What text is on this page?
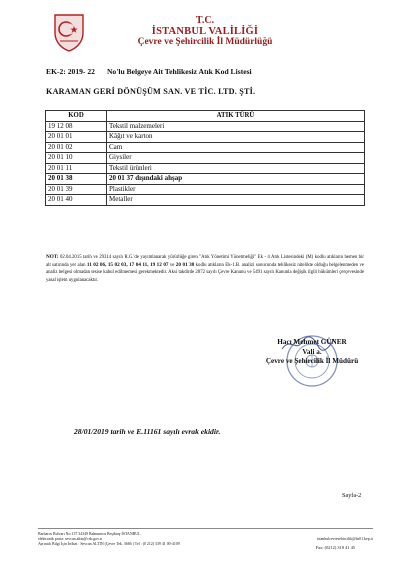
T.C.
İSTANBUL VALİLİĞİ
Çevre ve Şehircilik İl Müdürlüğü
EK-2: 2019- 22 No'lu Belgeye Ait Tehlikesiz Atık Kod Listesi
KARAMAN GERİ DÖNÜŞÜM SAN. VE TİC. LTD. ŞTİ.
KOD	ATIK TÜRÜ
19 12 08	Tekstil malzemeleri
20 01 01	Kâğıt ve karton
20 01 02	Cam
20 01 10	Giysiler
20 01 11	Tekstil ürünleri
20 01 38	20 01 37 dışındaki ahşap
20 01 39	Plastikler
20 01 40	Metaller
NOT: 02.04.2015 tarih ve 29314 sayılı R.G.'de yayımlanarak yürürlüğe giren "Atık Yönetimi Yönetmeliği" Ek - 4 Atık Listesindeki (M) kodlu atıkların hemen bir alt satırında yer alan 11 02 06, 15 02 03, 17 04 11, 19 12 07 ve 20 01 38 kodlu atıkların Ek-1.B. analizi sonucunda tehlikesiz nitelikte olduğu belgelenmeden ve analiz belgesi olmadan tesise kabul edilmemesi gerekmektedir. Aksi takdirde 2872 sayılı Çevre Kanunu ve 5491 sayılı Kanunla değişik ilgili hükümleri çerçevesinde yasal işlem uygulanacaktır.
Hacı Mehmet GÜNER
Vali a.
Çevre ve Şehircilik İl Müdürü
28/01/2019 tarih ve E.11161 sayılı evrak ekidir.
Sayfa-2
Barbaros Bulvarı No:137 34349 Balmumcu Beşiktaş-İSTANBUL
elektronik posta: sevcan.altin@csb.gov.tr	istanbulcevresehircilik@hs01.kep.tr
Ayrıntılı Bilgi İçin İrtibat : Sevcan ALTIN (Çevre Tek. 3666 ) Tel : (0 212) 339 41 00-4109
Fax: (0212) 318 41 45
